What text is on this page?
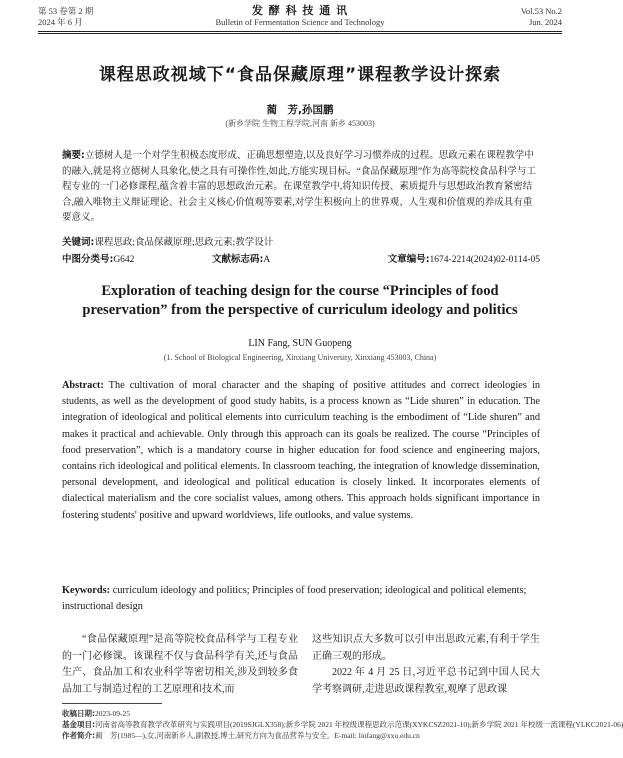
第 53 卷第 2 期
2024 年 6 月
发 酵 科 技 通 讯
Bulletin of Fermentation Science and Technology
Vol.53 No.2
Jun. 2024
课程思政视域下“食品保藏原理”课程教学设计探索
蔺　芳,孙国鹏
(新乡学院 生物工程学院,河南 新乡 453003)

摘要:立德树人是一个对学生积极态度形成、正确思想塑造,以及良好学习习惯养成的过程。思政元素在课程教学中的融入,就是将立德树人具象化,使之具有可操作性,如此,方能实现目标。“食品保藏原理”作为高等院校食品科学与工程专业的一门必修课程,蕴含着丰富的思想政治元素。在课堂教学中,将知识传授、素质提升与思想政治教育紧密结合,融入唯物主义辩证理论、社会主义核心价值观等要素,对学生积极向上的世界观、人生观和价值观的养成具有重要意义。

关键词:课程思政;食品保藏原理;思政元素;教学设计
中图分类号:G642	文献标志码:A	文章编号:1674-2214(2024)02-0114-05
Exploration of teaching design for the course “Principles of food preservation” from the perspective of curriculum ideology and politics
LIN Fang, SUN Guopeng
(1. School of Biological Engineering, Xinxiang University, Xinxiang 453003, China)
Abstract: The cultivation of moral character and the shaping of positive attitudes and correct ideologies in students, as well as the development of good study habits, is a process known as “Lide shuren” in education. The integration of ideological and political elements into curriculum teaching is the embodiment of “Lide shuren” and makes it practical and achievable. Only through this approach can its goals be realized. The course “Principles of food preservation”, which is a mandatory course in higher education for food science and engineering majors, contains rich ideological and political elements. In classroom teaching, the integration of knowledge dissemination, personal development, and ideological and political education is closely linked. It incorporates elements of dialectical materialism and the core socialist values, among others. This approach holds significant importance in fostering students' positive and upward worldviews, life outlooks, and value systems.
Keywords: curriculum ideology and politics; Principles of food preservation; ideological and political elements; instructional design
“食品保藏原理”是高等院校食品科学与工程专业的一门必修课。该课程不仅与食品科学有关,还与食品生产、食品加工和农业科学等密切相关,涉及到较多食品加工与制造过程的工艺原理和技术,而
这些知识点大多数可以引申出思政元素,有利于学生正确三观的形成。
2022 年 4 月 25 日,习近平总书记到中国人民大学考察调研,走进思政课程教室,观摩了思政课
收稿日期:2023-09-25
基金项目:河南省高等教育教学改革研究与实践项目(2019SJGLX358);新乡学院 2021 年校级课程思政示范课(XYKCSZ2021-10);新乡学院 2021 年校级一流课程(YLKC2021-06)
作者简介:蔺　芳(1985—),女,河南新乡人,副教授,博士,研究方向为食品营养与安全。E-mail: linfang@xxu.edu.cn
